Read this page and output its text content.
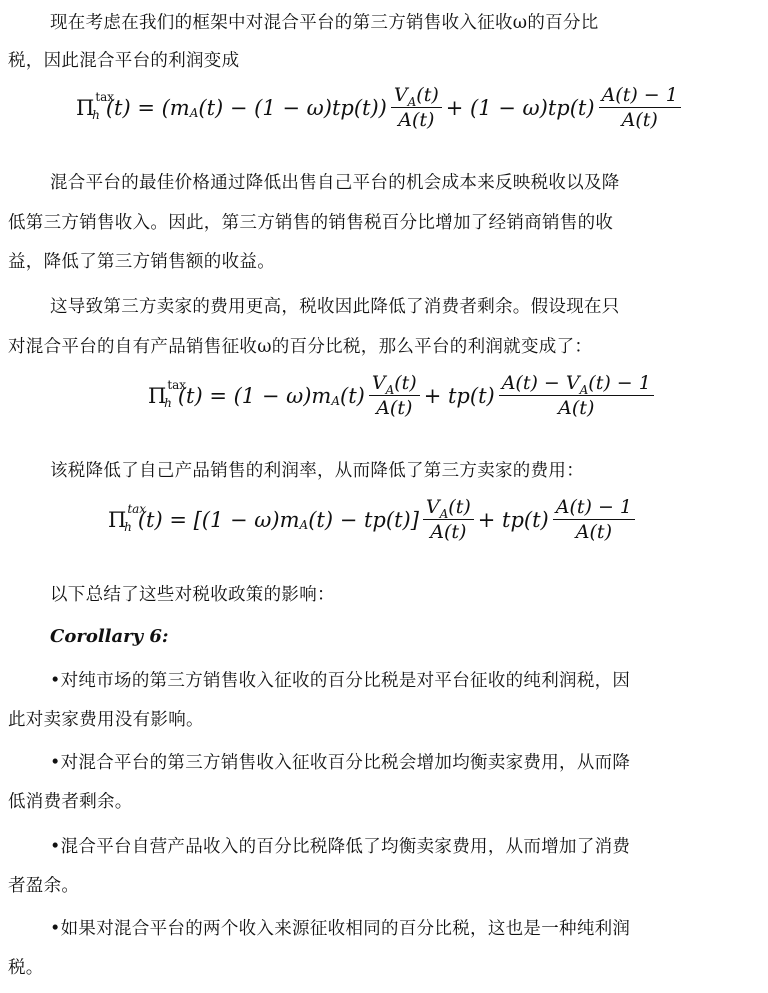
现在考虑在我们的框架中对混合平台的第三方销售收入征收ω的百分比
税，因此混合平台的利润变成
Π tax
h (t) =
(m A $(t) - (1 - \omega)tp(t)) \frac{V_A(t)}{A(t)} + (1 - \omega)tp(t) \frac{A(t) - 1}{A(t)}$
混合平台的最佳价格通过降低出售自己平台的机会成本来反映税收以及降
低第三方销售收入。因此，第三方销售的销售税百分比增加了经销商销售的收
益，降低了第三方销售额的收益。
这导致第三方卖家的费用更高，税收因此降低了消费者剩余。假设现在只
对混合平台的自有产品销售征收ω的百分比税，那么平台的利润就变成了：
Π tax
h (t) =
(1 − ω)m A $(t) \frac{V_A(t)}{A(t)} + tp(t) \frac{A(t) - V_A(t) - 1}{A(t)}$
该税降低了自己产品销售的利润率，从而降低了第三方卖家的费用：
Π tax
h (t) =
[(1 − ω)m A $(t) - tp(t)] \frac{V_A(t)}{A(t)} + tp(t) \frac{A(t) - 1}{A(t)}$
以下总结了这些对税收政策的影响：
Corollary 6:
•对纯市场的第三方销售收入征收的百分比税是对平台征收的纯利润税，因
此对卖家费用没有影响。
•对混合平台的第三方销售收入征收百分比税会增加均衡卖家费用，从而降
低消费者剩余。
•混合平台自营产品收入的百分比税降低了均衡卖家费用，从而增加了消费
者盈余。
•如果对混合平台的两个收入来源征收相同的百分比税，这也是一种纯利润
税。
